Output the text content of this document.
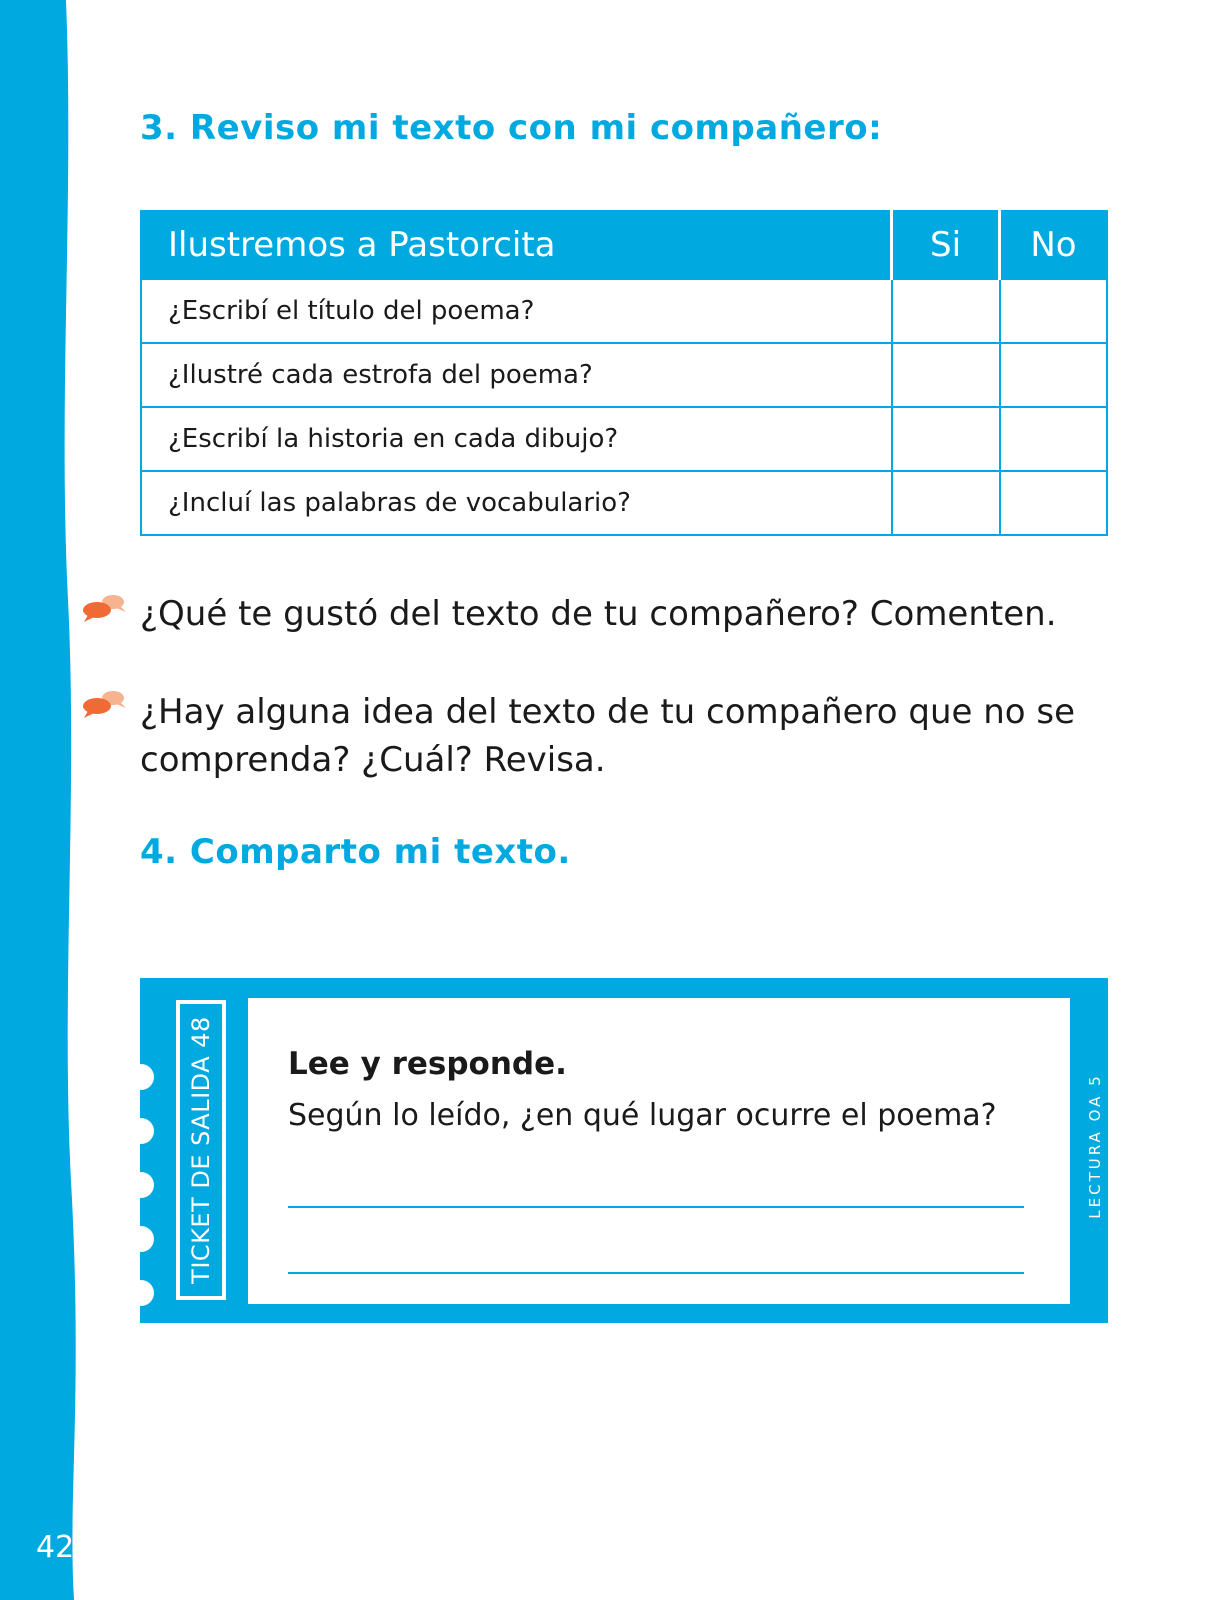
42
3. Reviso mi texto con mi compañero:
Ilustremos a Pastorcita	Si	No
¿Escribí el título del poema?		
¿Ilustré cada estrofa del poema?		
¿Escribí la historia en cada dibujo?		
¿Incluí las palabras de vocabulario?		

¿Qué te gustó del texto de tu compañero? Comenten.

¿Hay alguna idea del texto de tu compañero que no se comprenda? ¿Cuál? Revisa.

4. Comparto mi texto.
TICKET DE SALIDA 48 Lee y responde.

Según lo leído, ¿en qué lugar ocurre el poema?	LECTURA OA 5
